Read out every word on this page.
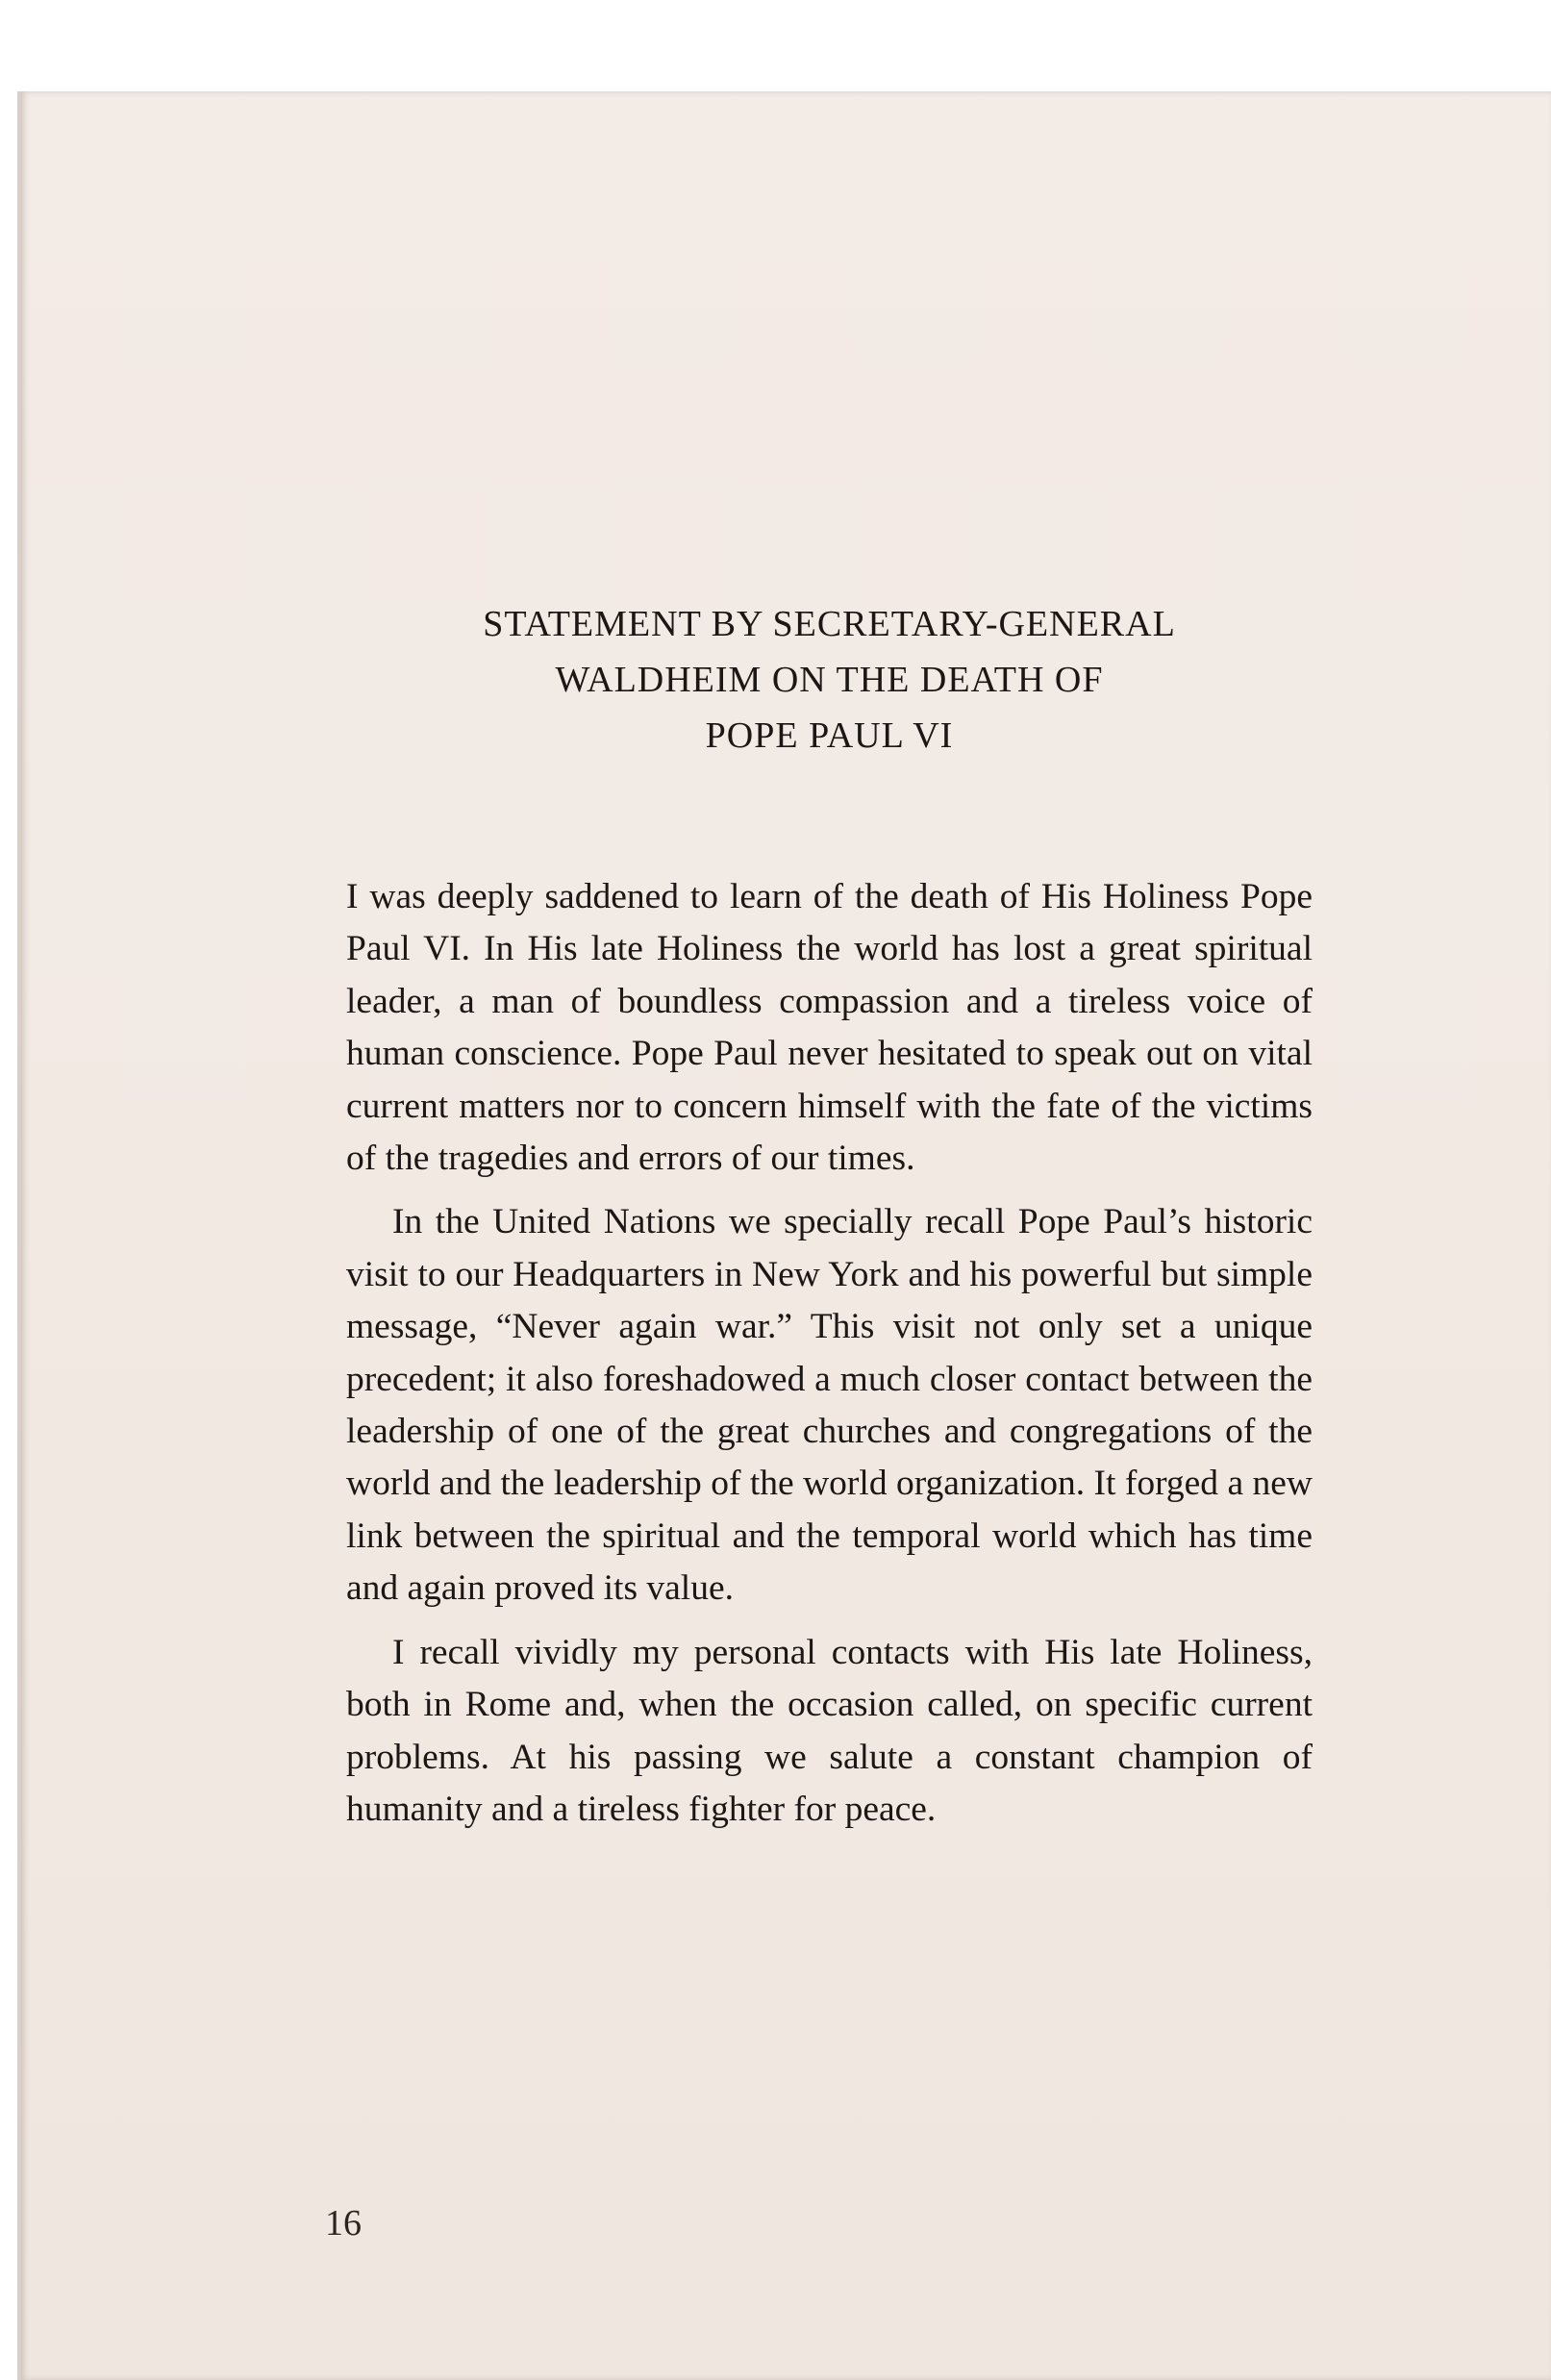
STATEMENT BY SECRETARY-GENERAL
WALDHEIM ON THE DEATH OF
POPE PAUL VI

I was deeply saddened to learn of the death of His Holiness Pope Paul VI. In His late Holiness the world has lost a great spiritual leader, a man of boundless compassion and a tireless voice of human conscience. Pope Paul never hesitated to speak out on vital current matters nor to concern himself with the fate of the victims of the tragedies and errors of our times.

In the United Nations we specially recall Pope Paul’s historic visit to our Headquarters in New York and his powerful but simple message, “Never again war.” This visit not only set a unique precedent; it also foreshadowed a much closer contact between the leadership of one of the great churches and congregations of the world and the leadership of the world organization. It forged a new link between the spiritual and the temporal world which has time and again proved its value.

I recall vividly my personal contacts with His late Holiness, both in Rome and, when the occasion called, on specific current problems. At his passing we salute a constant champion of humanity and a tireless fighter for peace.

16
